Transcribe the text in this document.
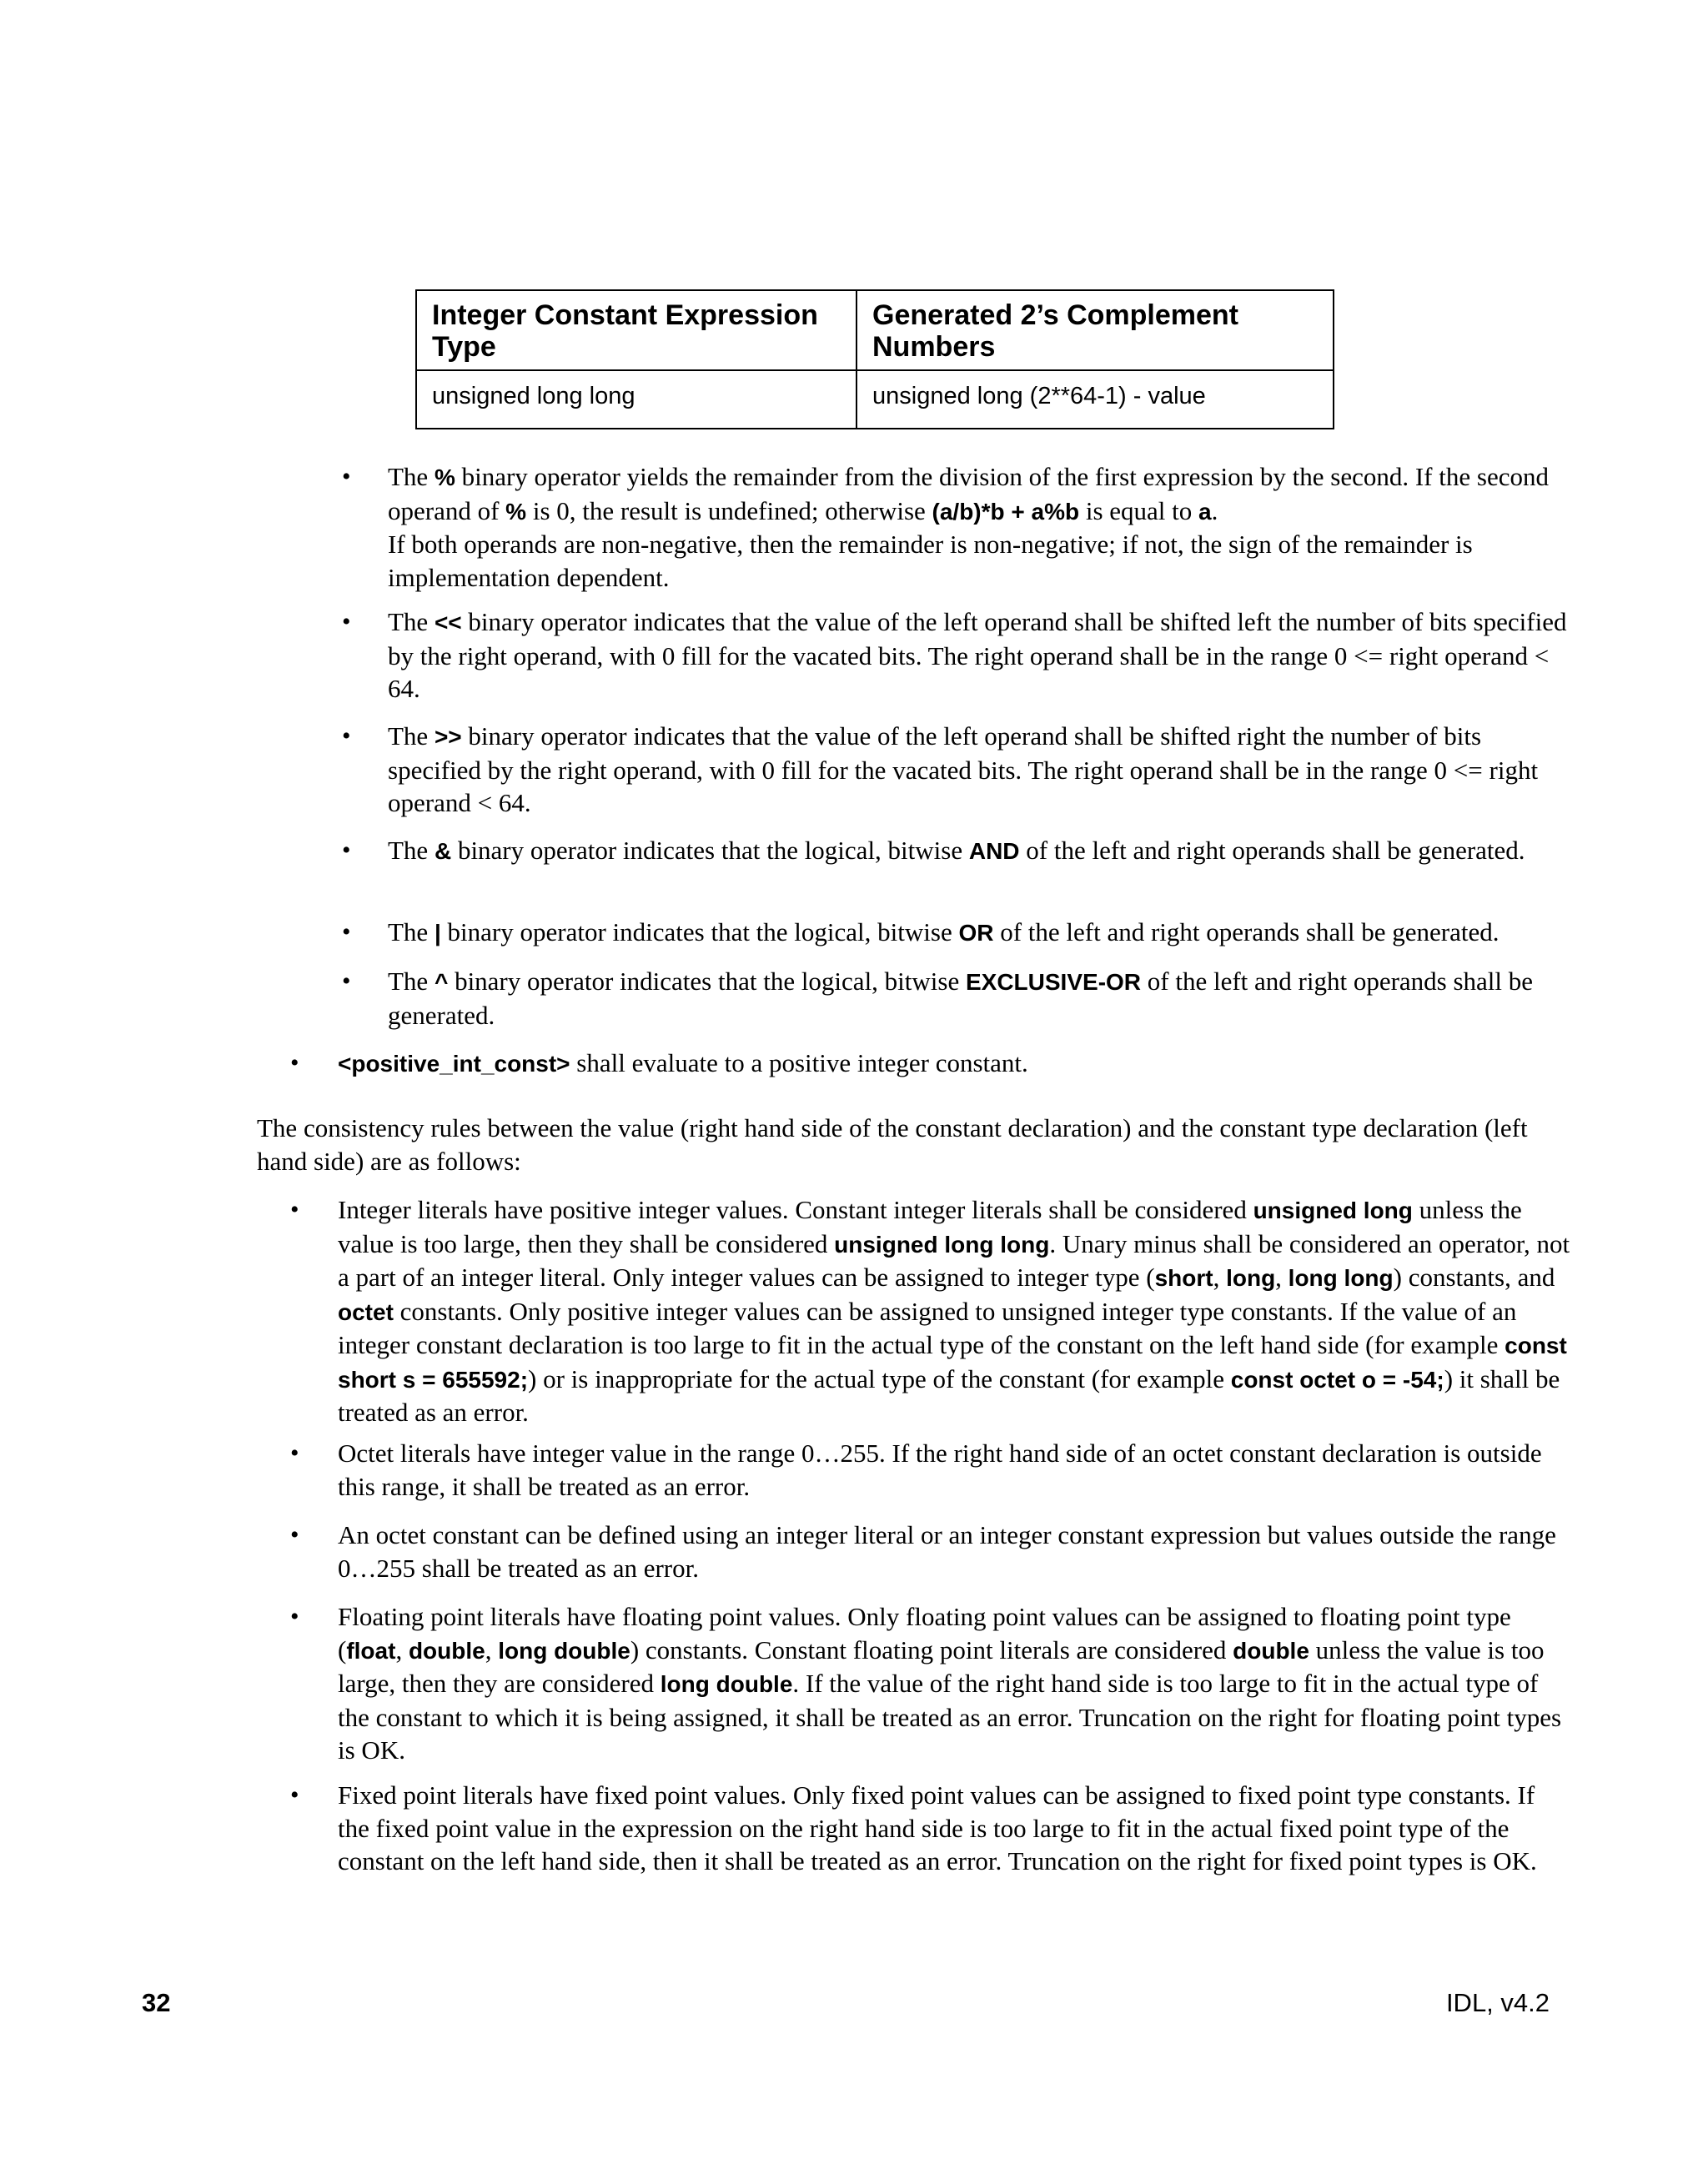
Integer Constant Expression Type	Generated 2’s Complement Numbers
unsigned long long	unsigned long (2**64-1) - value
• The % binary operator yields the remainder from the division of the first expression by the second. If the second operand of % is 0, the result is undefined; otherwise (a/b)*b + a%b is equal to a.
If both operands are non-negative, then the remainder is non-negative; if not, the sign of the remainder is implementation dependent.
• The << binary operator indicates that the value of the left operand shall be shifted left the number of bits specified by the right operand, with 0 fill for the vacated bits. The right operand shall be in the range 0 <= right operand < 64.
• The >> binary operator indicates that the value of the left operand shall be shifted right the number of bits specified by the right operand, with 0 fill for the vacated bits. The right operand shall be in the range 0 <= right operand < 64.
• The & binary operator indicates that the logical, bitwise AND of the left and right operands shall be generated.
• The | binary operator indicates that the logical, bitwise OR of the left and right operands shall be generated.
• The ^ binary operator indicates that the logical, bitwise EXCLUSIVE-OR of the left and right operands shall be generated.
• <positive_int_const> shall evaluate to a positive integer constant.

The consistency rules between the value (right hand side of the constant declaration) and the constant type declaration (left hand side) are as follows:

• Integer literals have positive integer values. Constant integer literals shall be considered unsigned long unless the value is too large, then they shall be considered unsigned long long. Unary minus shall be considered an operator, not a part of an integer literal. Only integer values can be assigned to integer type (short, long, long long) constants, and octet constants. Only positive integer values can be assigned to unsigned integer type constants. If the value of an integer constant declaration is too large to fit in the actual type of the constant on the left hand side (for example const short s = 655592;) or is inappropriate for the actual type of the constant (for example const octet o = -54;) it shall be treated as an error.
• Octet literals have integer value in the range 0…255. If the right hand side of an octet constant declaration is outside this range, it shall be treated as an error.
• An octet constant can be defined using an integer literal or an integer constant expression but values outside the range 0…255 shall be treated as an error.
• Floating point literals have floating point values. Only floating point values can be assigned to floating point type (float, double, long double) constants. Constant floating point literals are considered double unless the value is too large, then they are considered long double. If the value of the right hand side is too large to fit in the actual type of the constant to which it is being assigned, it shall be treated as an error. Truncation on the right for floating point types is OK.
• Fixed point literals have fixed point values. Only fixed point values can be assigned to fixed point type constants. If the fixed point value in the expression on the right hand side is too large to fit in the actual fixed point type of the constant on the left hand side, then it shall be treated as an error. Truncation on the right for fixed point types is OK.
32	IDL, v4.2
